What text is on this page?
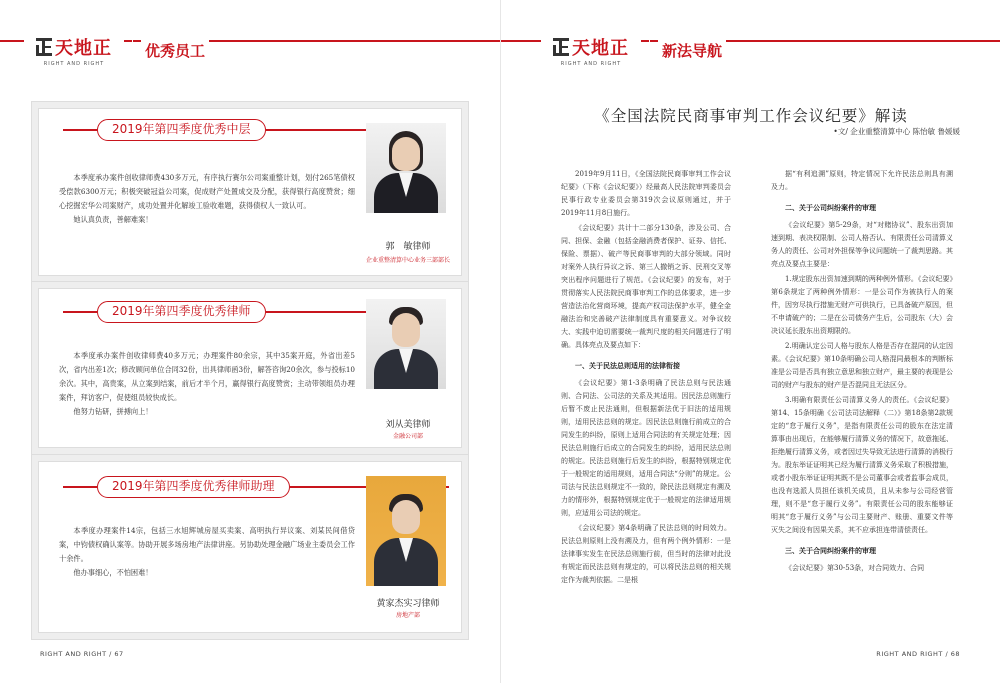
天地正
RIGHT AND RIGHT
优秀员工
2019年第四季度优秀中层

本季度承办案件创收律师费430多万元，有序执行赛尔公司案重整计划，划付265笔债权受偿款6300万元；积极突破冠益公司案，促成财产处置成交及分配，获得银行高度赞赏；细心挖掘宏华公司案财产，成功处置并化解竣工验收难题，获得债权人一致认可。

她认真负责，善解难案！

郭　敏律师
企业重整清算中心业务三部部长
2019年第四季度优秀律师

本季度承办案件创收律师费40多万元；办理案件80余宗，其中35案开庭，外省出差5次，省内出差1次；修改顾问单位合同32份，出具律师函3份，解答咨询20余次，参与投标10余次。其中，高贵案，从立案到结案，前后才半个月，赢得银行高度赞赏；主动带领组员办理案件，拜访客户，促使组员较快成长。

他努力钻研，拼搏向上！

刘从美律师
金融公司部
2019年第四季度优秀律师助理

本季度办理案件14宗，包括三水旭辉城房屋买卖案、高明执行异议案、刘某民间借贷案，中钧债权确认案等。协助开展多场房地产法律讲座。另协助处理金融广场业主委员会工作十余件。

他办事细心，不怕困难！

黄家杰实习律师
房地产部
RIGHT AND RIGHT / 67
天地正
RIGHT AND RIGHT
新法导航
《全国法院民商事审判工作会议纪要》解读
•文/ 企业重整清算中心 陈怡敏 鲁媛媛

2019年9月11日，《全国法院民商事审判工作会议纪要》（下称《会议纪要》）经最高人民法院审判委员会民事行政专业委员会第319次会议原则通过，并于2019年11月8日施行。

《会议纪要》共计十二部分130条，涉及公司、合同、担保、金融（包括金融消费者保护、证券、信托、保险、票据）、破产等民商事审判的大部分领域。同时对案外人执行异议之诉、第三人撤销之诉、民刑交叉等突出程序问题进行了规范。《会议纪要》的发布，对于贯彻落实人民法院民商事审判工作的总体要求，进一步营造法治化营商环境，提高产权司法保护水平，健全金融法治和完善破产法律制度具有重要意义。对争议较大、实践中迫切需要统一裁判尺度的相关问题进行了明确。具体亮点及要点如下：

一、关于民法总则适用的法律衔接

《会议纪要》第1-3条明确了民法总则与民法通则、合同法、公司法的关系及其适用。因民法总则施行后暂不废止民法通则，但根据新法优于旧法的适用规则，适用民法总则的规定。因民法总则施行前成立的合同发生的纠纷，原则上适用合同法的有关规定处理；因民法总则施行后成立的合同发生的纠纷，适用民法总则的规定。民法总则施行后发生的纠纷，根据特别规定优于一般规定的适用规则，适用合同法“分则”的规定。公司法与民法总则规定不一致的，除民法总则规定有溯及力的情形外，根据特别规定优于一般规定的法律适用规则，应适用公司法的规定。

《会议纪要》第4条明确了民法总则的时间效力。民法总则原则上没有溯及力，但有两个例外情形：一是法律事实发生在民法总则施行前，但当时的法律对此没有规定而民法总则有规定的，可以将民法总则的相关规定作为裁判依据。二是根

据“有利追溯”原则，特定情况下允许民法总则具有溯及力。

二、关于公司纠纷案件的审理

《会议纪要》第5-29条，对“对赌协议”、股东出资加速到期、表决权限制、公司人格否认、有限责任公司清算义务人的责任、公司对外担保等争议问题统一了裁判思路。其亮点及要点主要是：

1.规定股东出资加速到期的两种例外情形。《会议纪要》第6条规定了两种例外情形：一是公司作为被执行人的案件，因穷尽执行措施无财产可供执行，已具备破产原因，但不申请破产的；二是在公司债务产生后，公司股东（大）会决议延长股东出资期限的。

2.明确认定公司人格与股东人格是否存在混同的认定因素。《会议纪要》第10条明确公司人格混同最根本的判断标准是公司是否具有独立意思和独立财产，最主要的表现是公司的财产与股东的财产是否混同且无法区分。

3.明确有限责任公司清算义务人的责任。《会议纪要》第14、15条明确《公司法司法解释（二）》第18条第2款规定的“怠于履行义务”，是指有限责任公司的股东在法定清算事由出现后，在能够履行清算义务的情况下，故意拖延、拒绝履行清算义务，或者因过失导致无法进行清算的消极行为。股东举证证明其已经为履行清算义务采取了积极措施，或者小股东举证证明其既不是公司董事会或者监事会成员，也没有选派人员担任该机关成员，且从未参与公司经营管理，则不是“怠于履行义务”。有限责任公司的股东能够证明其“怠于履行义务”与公司主要财产、账册、重要文件等灭失之间没有因果关系，其不应承担连带清偿责任。

三、关于合同纠纷案件的审理

《会议纪要》第30-53条，对合同效力、合同

RIGHT AND RIGHT / 68
